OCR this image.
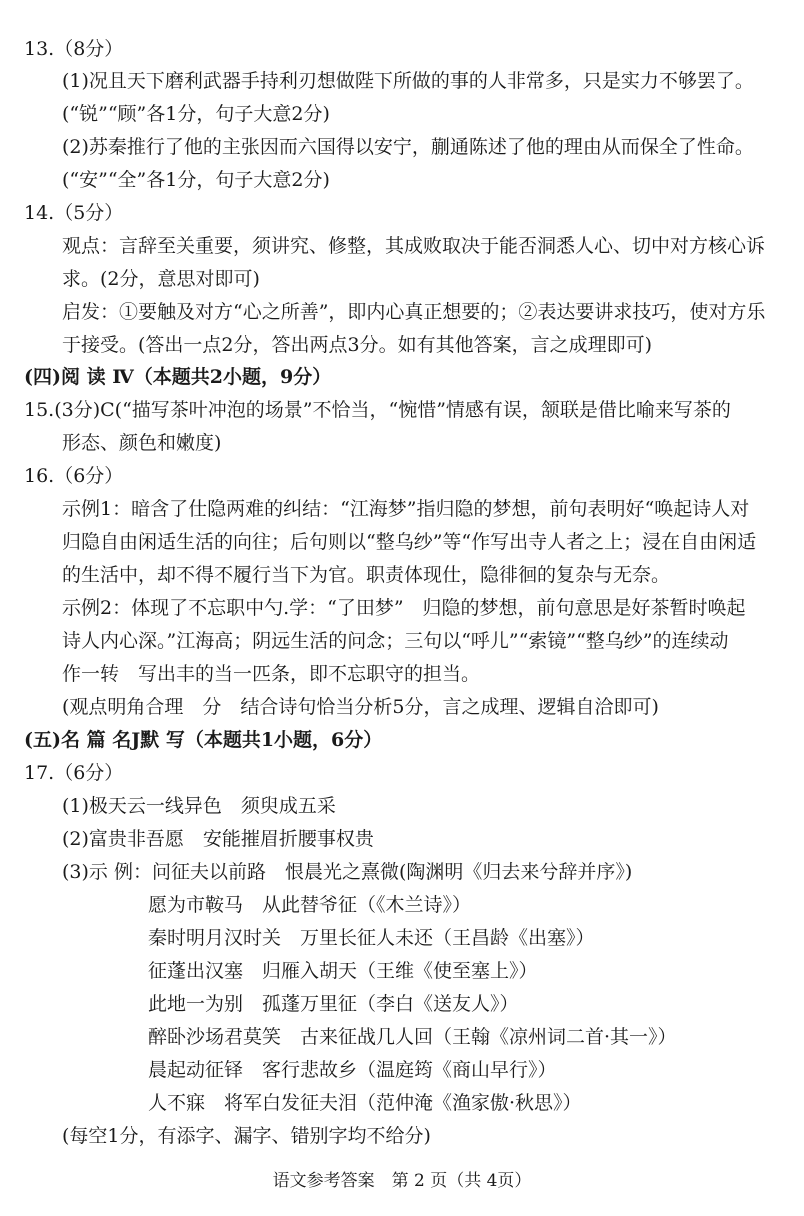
13.（8分）
(1)况且天下磨利武器手持利刃想做陛下所做的事的人非常多，只是实力不够罢了。
(“锐”“顾”各1分，句子大意2分)
(2)苏秦推行了他的主张因而六国得以安宁，蒯通陈述了他的理由从而保全了性命。
(“安”“全”各1分，句子大意2分)
14.（5分）
观点：言辞至关重要，须讲究、修整，其成败取决于能否洞悉人心、切中对方核心诉
求。(2分，意思对即可)
启发：①要触及对方“心之所善”，即内心真正想要的；②表达要讲求技巧，使对方乐
于接受。(答出一点2分，答出两点3分。如有其他答案，言之成理即可)
(四)阅 读 Ⅳ（本题共2小题，9分）
15.(3分)C(“描写茶叶冲泡的场景”不恰当，“惋惜”情感有误，颔联是借比喻来写茶的
形态、颜色和嫩度)
16.（6分）
示例1：暗含了仕隐两难的纠结：“江海梦”指归隐的梦想，前句表明好“唤起诗人对
归隐自由闲适生活的向往；后句则以“整乌纱”等“作写出寺人者之上；浸在自由闲适
的生活中，却不得不履行当下为官。职责体现仕，隐徘徊的复杂与无奈。
示例2：体现了不忘职中勺.学：“了田梦”　归隐的梦想，前句意思是好茶暂时唤起
诗人内心深。”江海高；阴远生活的问念；三句以“呼儿”“索镜”“整乌纱”的连续动
作一转　写出丰的当一匹条，即不忘职守的担当。
(观点明角合理　分　结合诗句恰当分析5分，言之成理、逻辑自洽即可)
(五)名 篇 名J默 写（本题共1小题，6分）
17.（6分）
(1)极天云一线异色　须臾成五采
(2)富贵非吾愿　安能摧眉折腰事权贵
(3)示 例：问征夫以前路　恨晨光之熹微(陶渊明《归去来兮辞并序》)
愿为市鞍马　从此替爷征（《木兰诗》）
秦时明月汉时关　万里长征人未还（王昌龄《出塞》）
征蓬出汉塞　归雁入胡天（王维《使至塞上》）
此地一为别　孤蓬万里征（李白《送友人》）
醉卧沙场君莫笑　古来征战几人回（王翰《凉州词二首·其一》）
晨起动征铎　客行悲故乡（温庭筠《商山早行》）
人不寐　将军白发征夫泪（范仲淹《渔家傲·秋思》）
(每空1分，有添字、漏字、错别字均不给分)
语文参考答案　第 2 页（共 4页）
